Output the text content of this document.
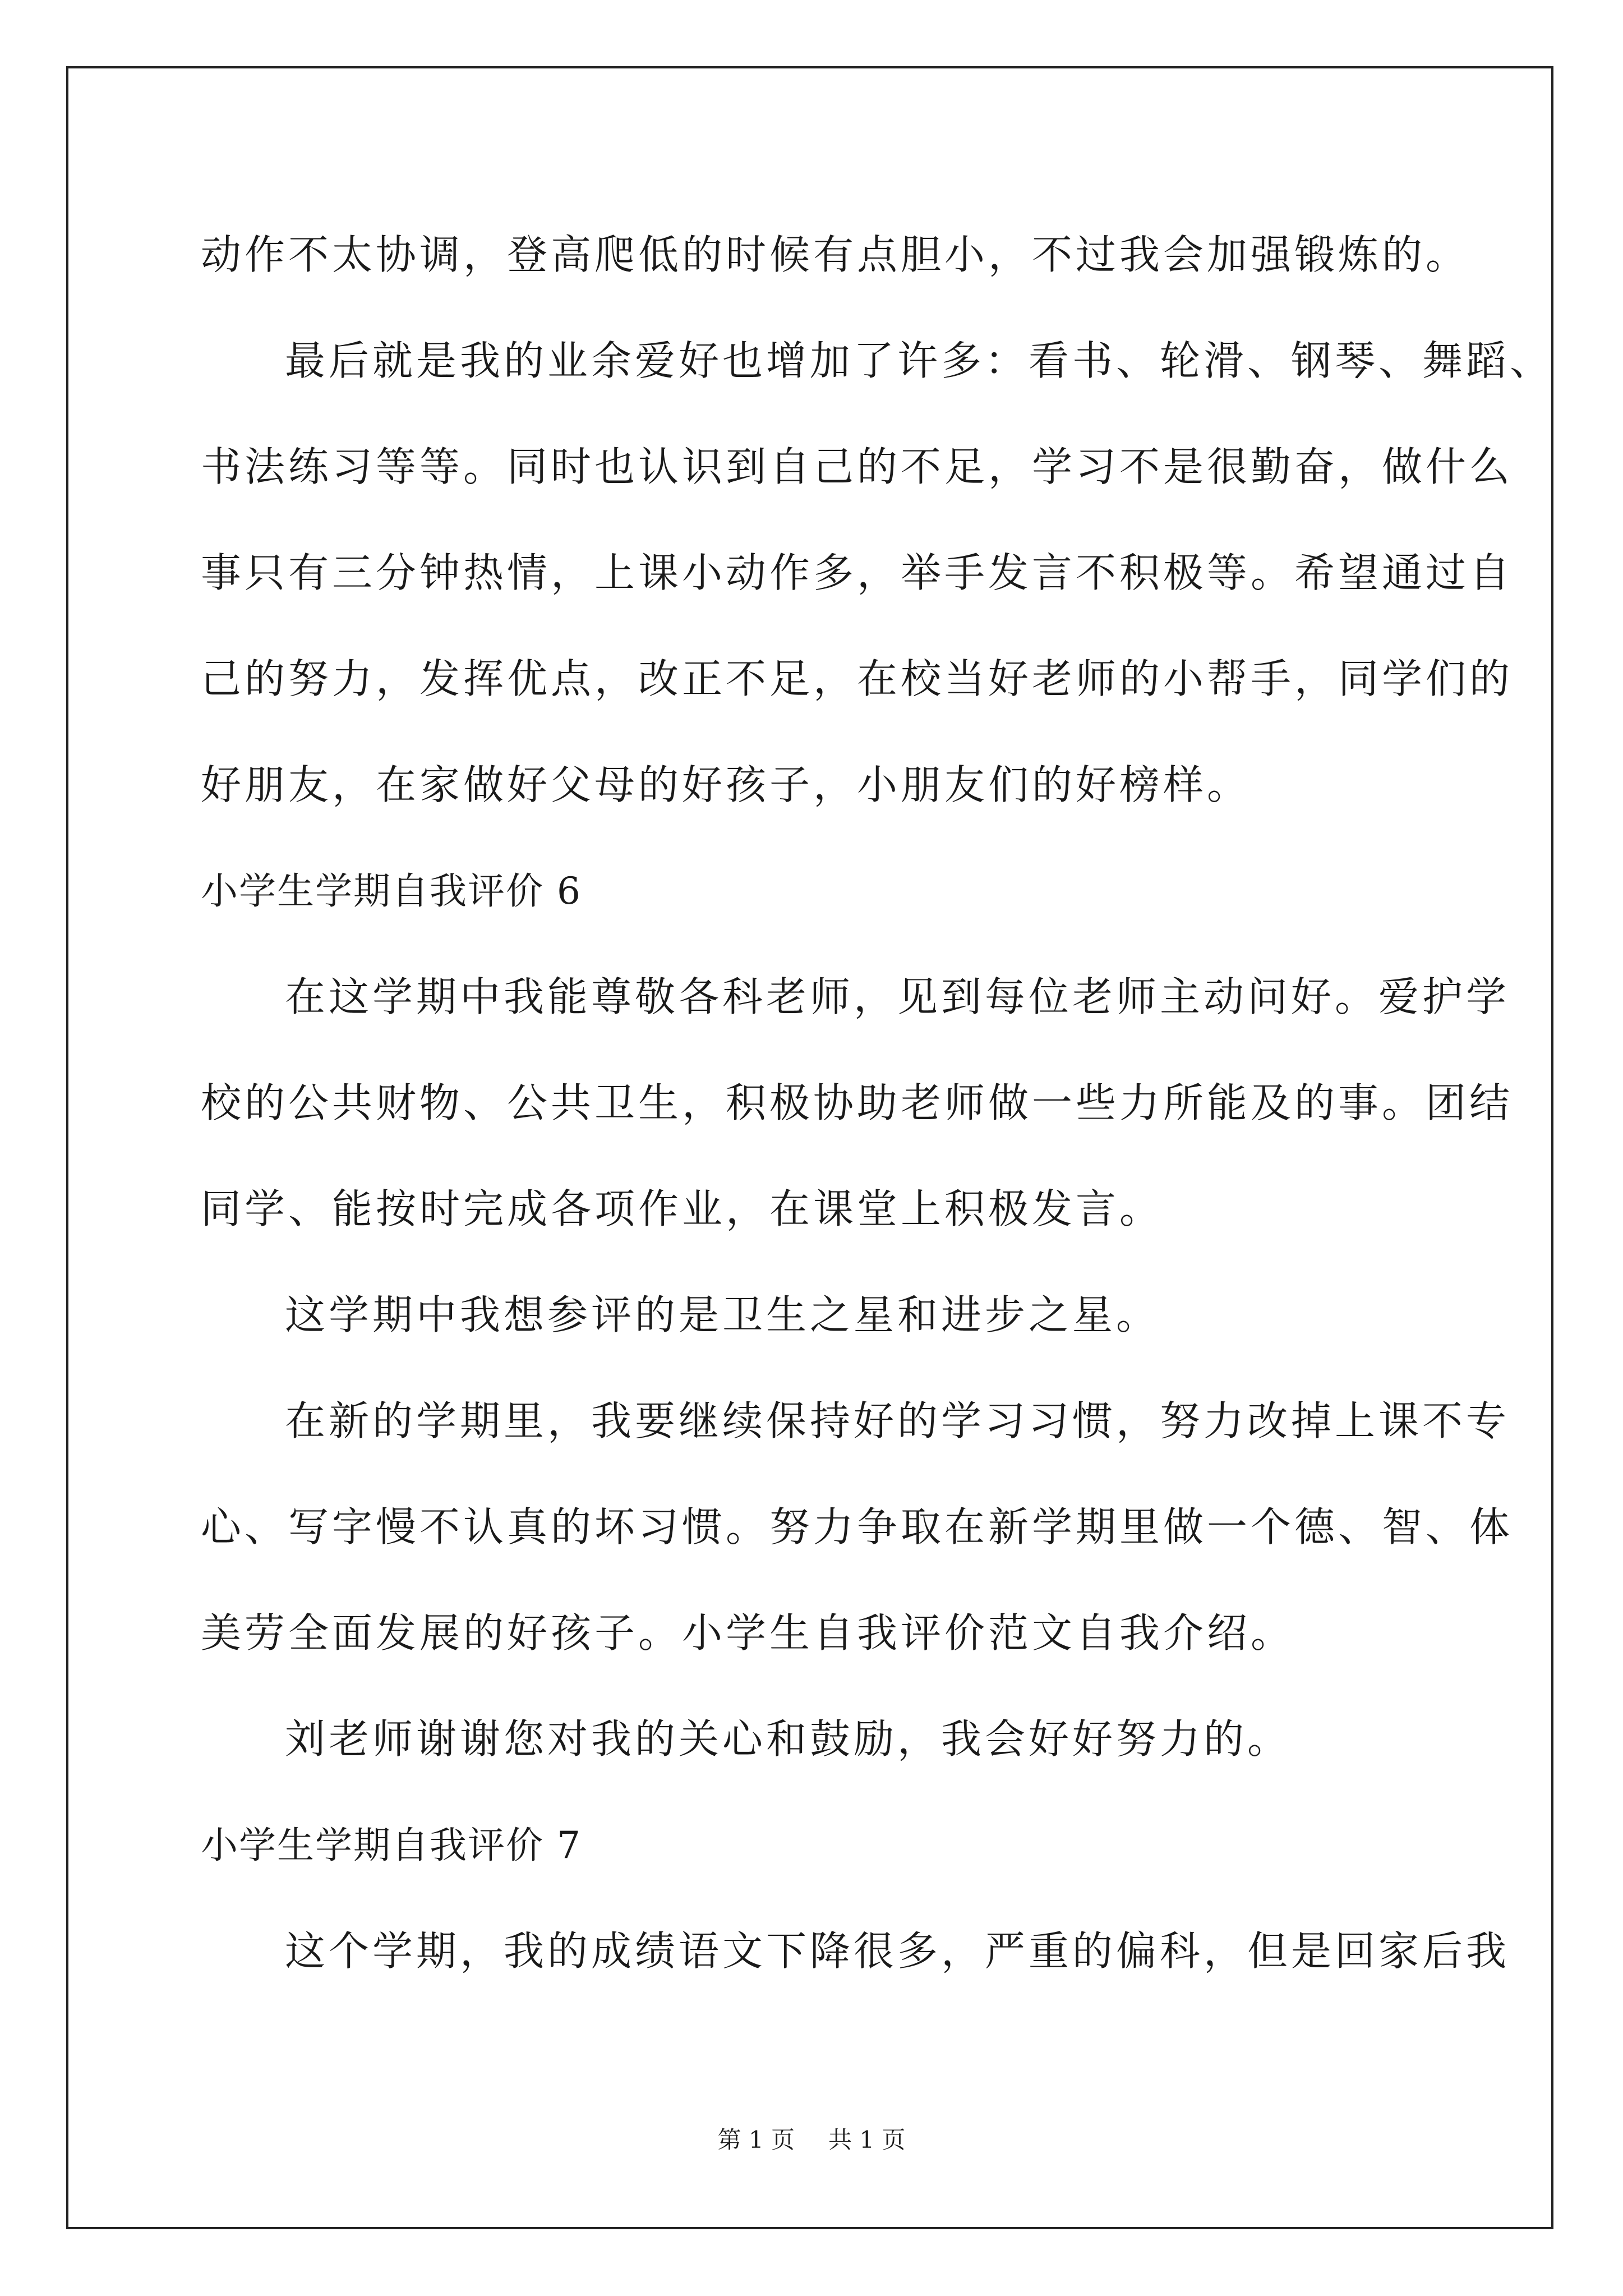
动作不太协调，登高爬低的时候有点胆小，不过我会加强锻炼的。
最后就是我的业余爱好也增加了许多：看书、轮滑、钢琴、舞蹈、
书法练习等等。同时也认识到自己的不足，学习不是很勤奋，做什么
事只有三分钟热情，上课小动作多，举手发言不积极等。希望通过自
己的努力，发挥优点，改正不足，在校当好老师的小帮手，同学们的
好朋友，在家做好父母的好孩子，小朋友们的好榜样。
小学生学期自我评价 6
在这学期中我能尊敬各科老师，见到每位老师主动问好。爱护学
校的公共财物、公共卫生，积极协助老师做一些力所能及的事。团结
同学、能按时完成各项作业，在课堂上积极发言。
这学期中我想参评的是卫生之星和进步之星。
在新的学期里，我要继续保持好的学习习惯，努力改掉上课不专
心、写字慢不认真的坏习惯。努力争取在新学期里做一个德、智、体
美劳全面发展的好孩子。小学生自我评价范文自我介绍。
刘老师谢谢您对我的关心和鼓励，我会好好努力的。
小学生学期自我评价 7
这个学期，我的成绩语文下降很多，严重的偏科，但是回家后我
第 1 页 共 1 页
